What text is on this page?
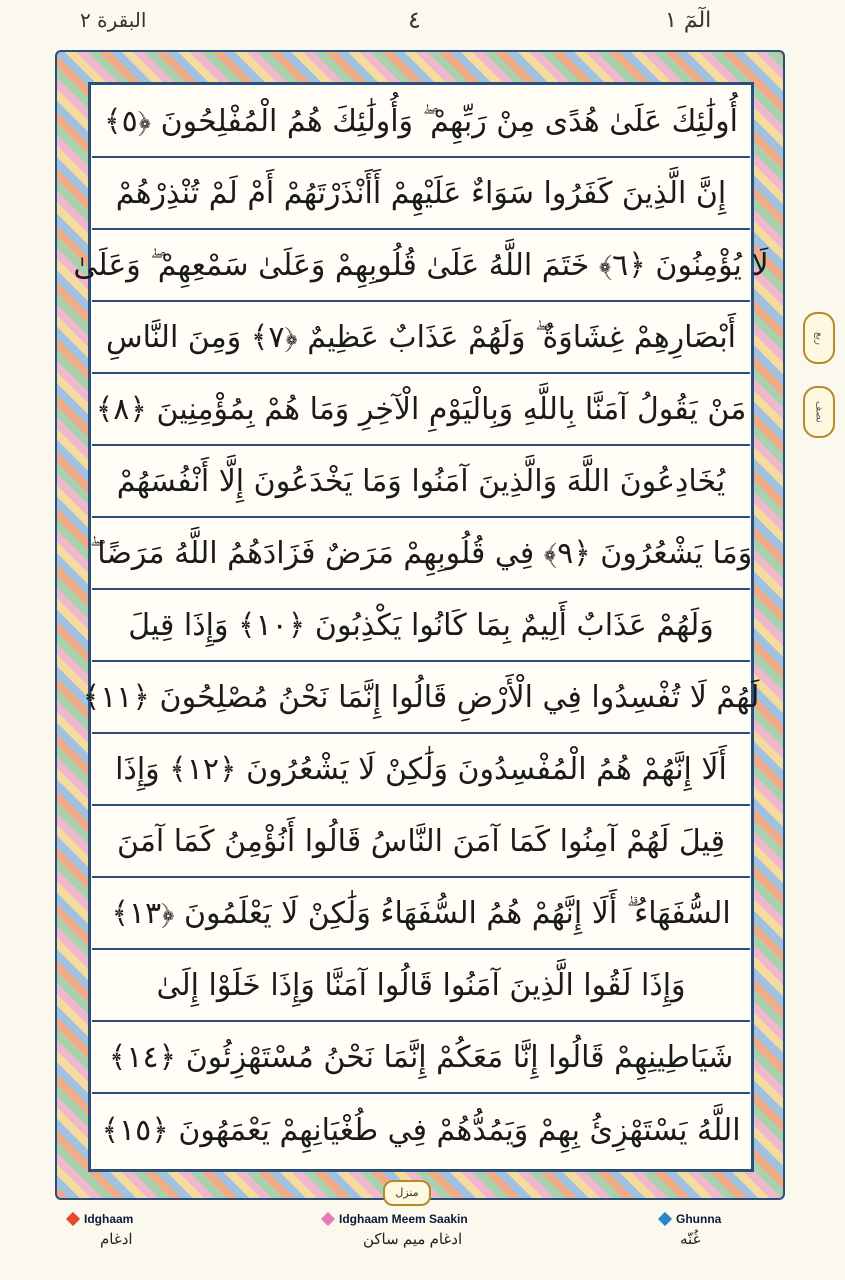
الٓمٓ ١
٤
البقرة ٢
أُولَٰئِكَ عَلَىٰ هُدًى مِنْ رَبِّهِمْ ۖ وَأُولَٰئِكَ هُمُ الْمُفْلِحُونَ ﴿٥﴾
إِنَّ الَّذِينَ كَفَرُوا سَوَاءٌ عَلَيْهِمْ أَأَنْذَرْتَهُمْ أَمْ لَمْ تُنْذِرْهُمْ
لَا يُؤْمِنُونَ ﴿٦﴾ خَتَمَ اللَّهُ عَلَىٰ قُلُوبِهِمْ وَعَلَىٰ سَمْعِهِمْ ۖ وَعَلَىٰ
أَبْصَارِهِمْ غِشَاوَةٌ ۖ وَلَهُمْ عَذَابٌ عَظِيمٌ ﴿٧﴾ وَمِنَ النَّاسِ
مَنْ يَقُولُ آمَنَّا بِاللَّهِ وَبِالْيَوْمِ الْآخِرِ وَمَا هُمْ بِمُؤْمِنِينَ ﴿٨﴾
يُخَادِعُونَ اللَّهَ وَالَّذِينَ آمَنُوا وَمَا يَخْدَعُونَ إِلَّا أَنْفُسَهُمْ
وَمَا يَشْعُرُونَ ﴿٩﴾ فِي قُلُوبِهِمْ مَرَضٌ فَزَادَهُمُ اللَّهُ مَرَضًا ۖ
وَلَهُمْ عَذَابٌ أَلِيمٌ بِمَا كَانُوا يَكْذِبُونَ ﴿١٠﴾ وَإِذَا قِيلَ
لَهُمْ لَا تُفْسِدُوا فِي الْأَرْضِ قَالُوا إِنَّمَا نَحْنُ مُصْلِحُونَ ﴿١١﴾
أَلَا إِنَّهُمْ هُمُ الْمُفْسِدُونَ وَلَٰكِنْ لَا يَشْعُرُونَ ﴿١٢﴾ وَإِذَا
قِيلَ لَهُمْ آمِنُوا كَمَا آمَنَ النَّاسُ قَالُوا أَنُؤْمِنُ كَمَا آمَنَ
السُّفَهَاءُ ۗ أَلَا إِنَّهُمْ هُمُ السُّفَهَاءُ وَلَٰكِنْ لَا يَعْلَمُونَ ﴿١٣﴾
وَإِذَا لَقُوا الَّذِينَ آمَنُوا قَالُوا آمَنَّا وَإِذَا خَلَوْا إِلَىٰ
شَيَاطِينِهِمْ قَالُوا إِنَّا مَعَكُمْ إِنَّمَا نَحْنُ مُسْتَهْزِئُونَ ﴿١٤﴾
اللَّهُ يَسْتَهْزِئُ بِهِمْ وَيَمُدُّهُمْ فِي طُغْيَانِهِمْ يَعْمَهُونَ ﴿١٥﴾
ربع
نصف
منزل
Idghaam
ادغام
Idghaam Meem Saakin
ادغام میم ساکن
Ghunna
غُنّه
